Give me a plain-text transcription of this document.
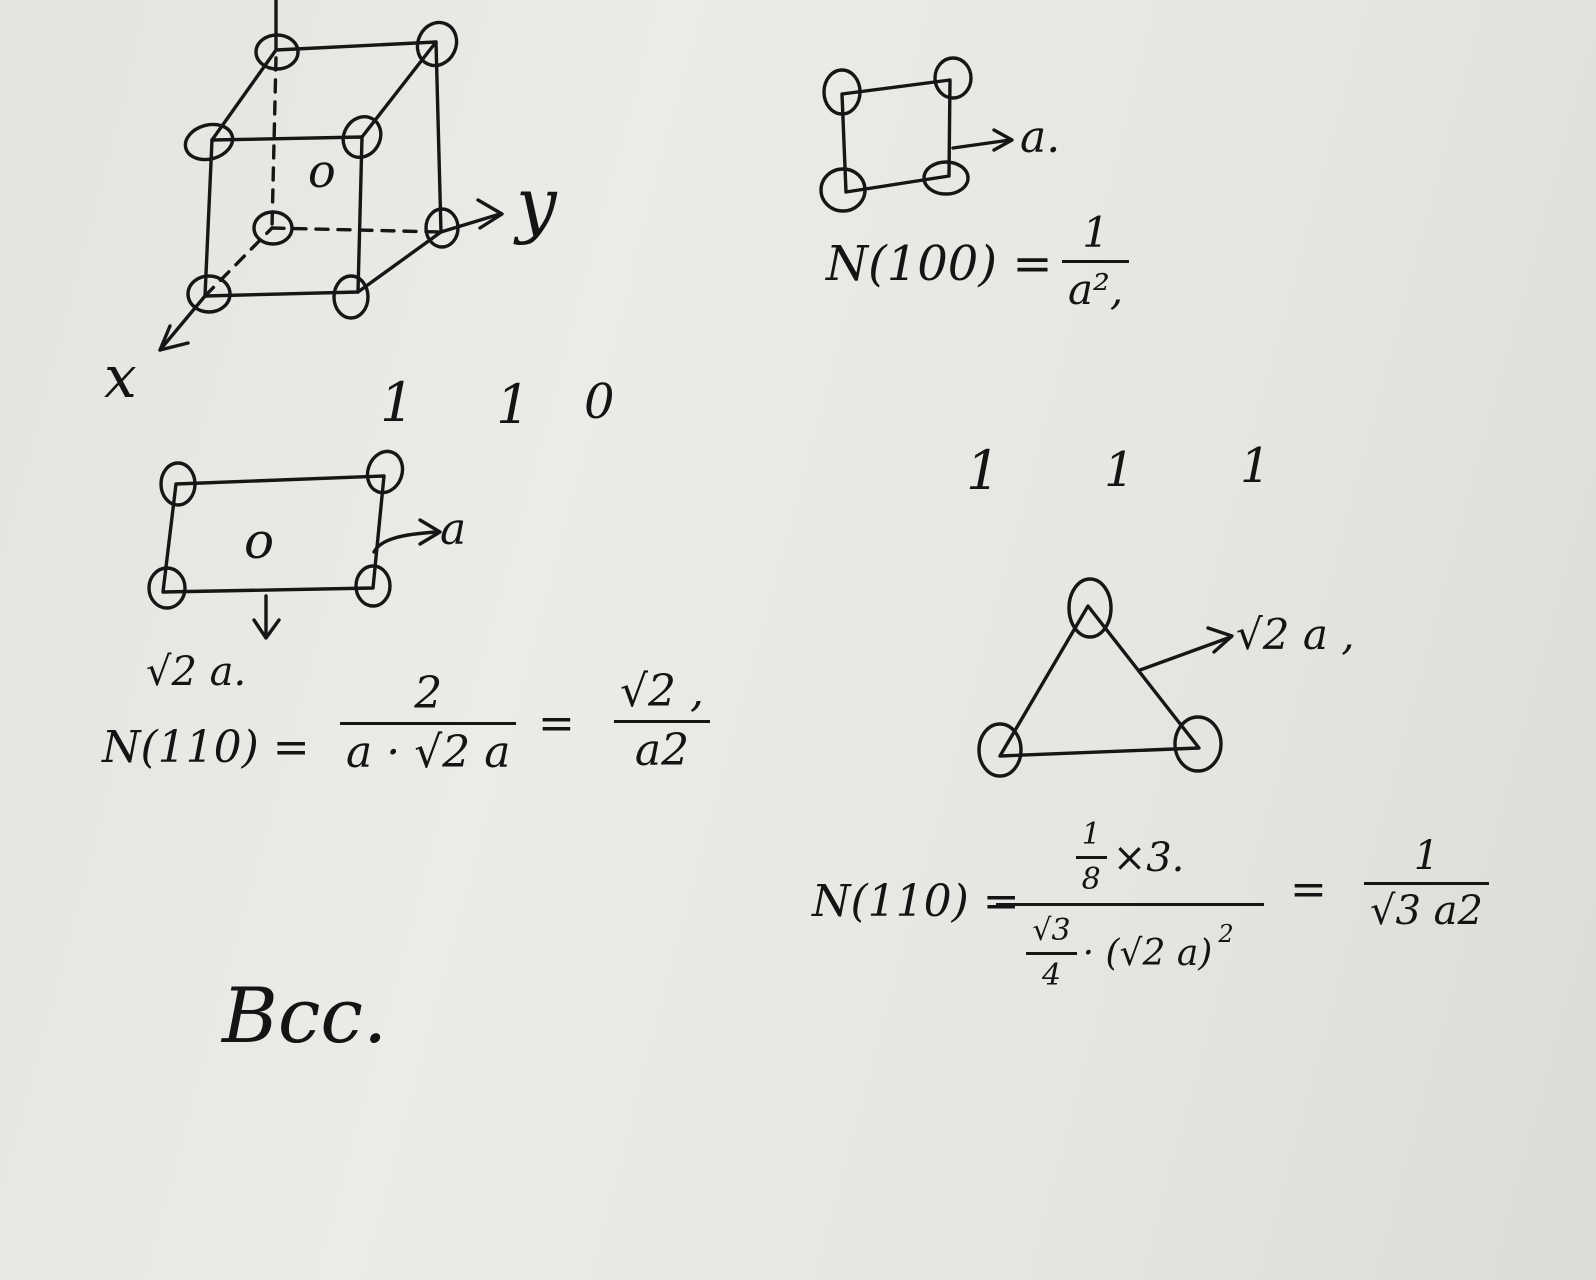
y
x
o
a.
N(100) =
1
a²,
1 1 0
o	a
√2 a.
N(110) =
2
a · √2 a
=
√2 ,
a2
1 1 1
√2 a ,
N(110) =
$\frac{1}{8} \times 3$.
$\frac{√3}{4} \cdot (√2$ a) 2
=
1
√3 a2
Bcc.
